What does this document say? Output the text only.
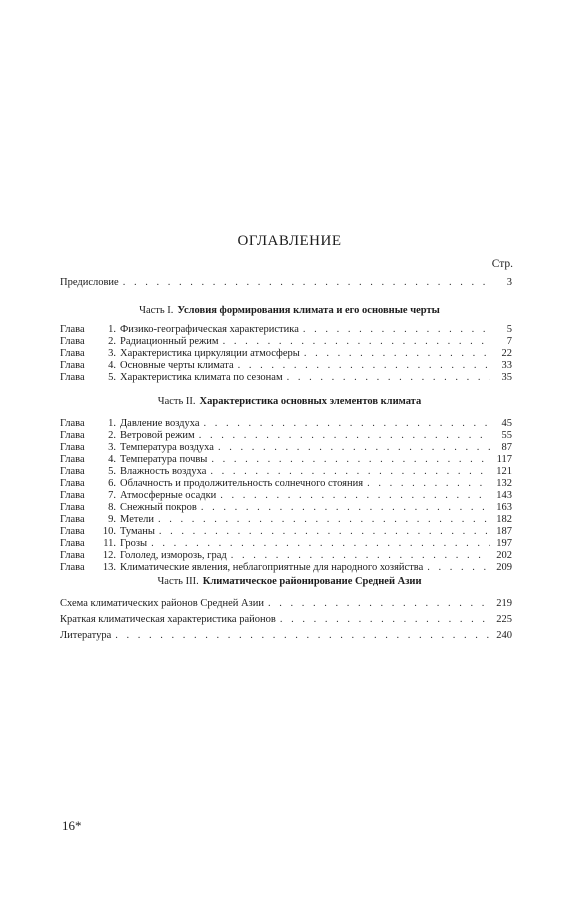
ОГЛАВЛЕНИЕ
Стр.
Предисловие . . .	3
Часть I. Условия формирования климата и его основные черты
Глава 1. Физико-географическая характеристика . . .	5
Глава 2. Радиационный режим . . .	7
Глава 3. Характеристика циркуляции атмосферы . . .	22
Глава 4. Основные черты климата . . .	33
Глава 5. Характеристика климата по сезонам . . .	35
Часть II. Характеристика основных элементов климата
Глава 1. Давление воздуха . . .	45
Глава 2. Ветровой режим . . .	55
Глава 3. Температура воздуха . . .	87
Глава 4. Температура почвы . . .	117
Глава 5. Влажность воздуха . . .	121
Глава 6. Облачность и продолжительность солнечного стояния . . .	132
Глава 7. Атмосферные осадки . . .	143
Глава 8. Снежный покров . . .	163
Глава 9. Метели . . .	182
Глава 10. Туманы . . .	187
Глава 11. Грозы . . .	197
Глава 12. Гололед, изморозь, град . . .	202
Глава 13. Климатические явления, неблагоприятные для народного хозяйства . . .	209
Часть III. Климатическое районирование Средней Азии
Схема климатических районов Средней Азии . . .	219
Краткая климатическая характеристика районов . . .	225
Литература . . .	240
16*
